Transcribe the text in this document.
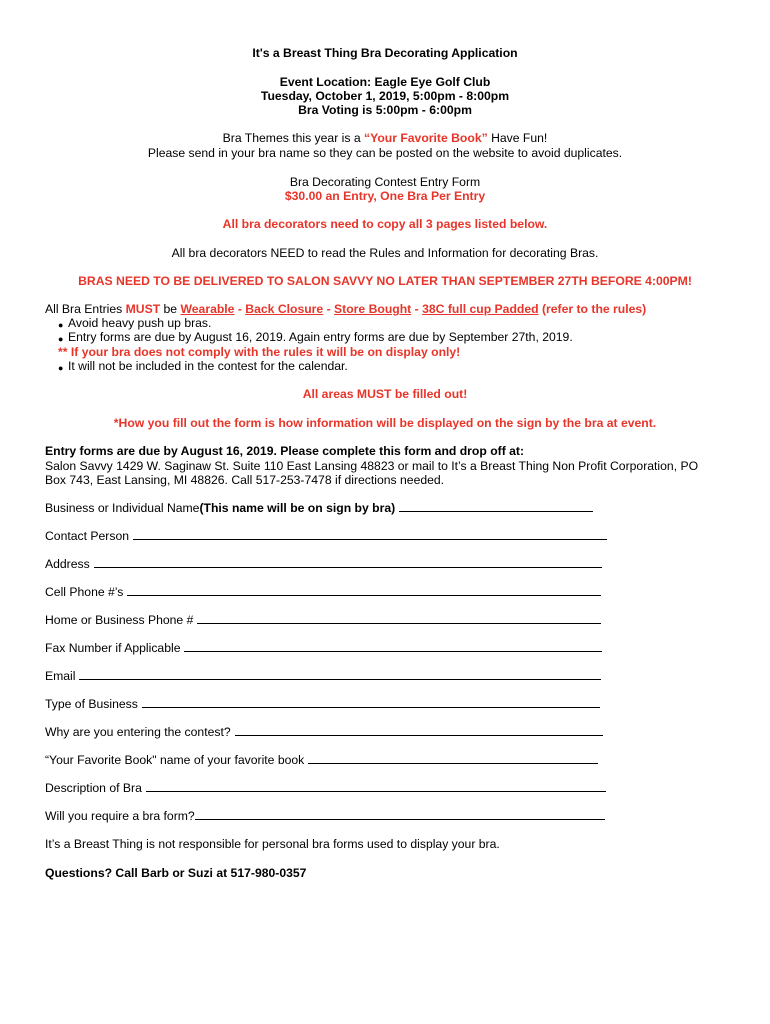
It's a Breast Thing Bra Decorating Application
Event Location: Eagle Eye Golf Club
Tuesday, October 1, 2019, 5:00pm - 8:00pm
Bra Voting is 5:00pm - 6:00pm
Bra Themes this year is a “Your Favorite Book” Have Fun!
Please send in your bra name so they can be posted on the website to avoid duplicates.
Bra Decorating Contest Entry Form
$30.00 an Entry, One Bra Per Entry
All bra decorators need to copy all 3 pages listed below.
All bra decorators NEED to read the Rules and Information for decorating Bras.
BRAS NEED TO BE DELIVERED TO SALON SAVVY NO LATER THAN SEPTEMBER 27TH BEFORE 4:00PM!
All Bra Entries MUST be Wearable - Back Closure - Store Bought - 38C full cup Padded (refer to the rules)
● Avoid heavy push up bras.
● Entry forms are due by August 16, 2019. Again entry forms are due by September 27th, 2019.
** If your bra does not comply with the rules it will be on display only!
● It will not be included in the contest for the calendar.
All areas MUST be filled out!
*How you fill out the form is how information will be displayed on the sign by the bra at event.
Entry forms are due by August 16, 2019. Please complete this form and drop off at:
Salon Savvy 1429 W. Saginaw St. Suite 110 East Lansing 48823 or mail to It’s a Breast Thing Non Profit Corporation, PO
Box 743, East Lansing, MI 48826. Call 517-253-7478 if directions needed.
Business or Individual Name (This name will be on sign by bra)
Contact Person
Address
Cell Phone #’s
Home or Business Phone #
Fax Number if Applicable
Email
Type of Business
Why are you entering the contest?
“Your Favorite Book" name of your favorite book
Description of Bra
Will you require a bra form?
It’s a Breast Thing is not responsible for personal bra forms used to display your bra.
Questions? Call Barb or Suzi at 517-980-0357
